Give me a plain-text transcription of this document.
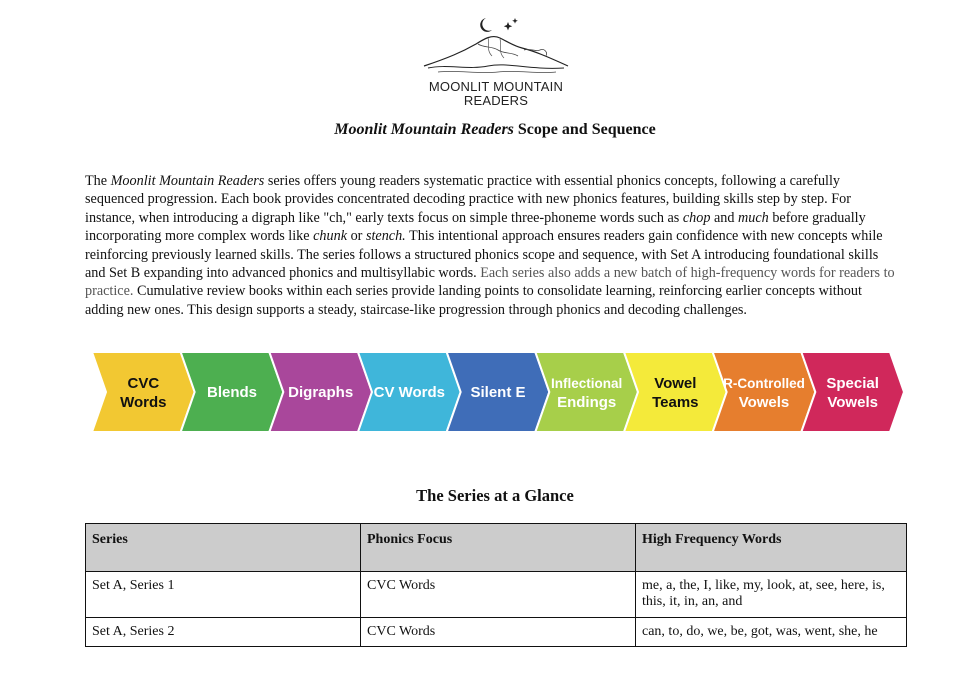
MOONLIT MOUNTAIN
READERS
Moonlit Mountain Readers Scope and Sequence

The Moonlit Mountain Readers series offers young readers systematic practice with essential phonics concepts, following a carefully sequenced progression. Each book provides concentrated decoding practice with new phonics features, building skills step by step. For instance, when introducing a digraph like "ch," early texts focus on simple three-phoneme words such as chop and much before gradually incorporating more complex words like chunk or stench. This intentional approach ensures readers gain confidence with new concepts while reinforcing previously learned skills. The series follows a structured phonics scope and sequence, with Set A introducing foundational skills and Set B expanding into advanced phonics and multisyllabic words. Each series also adds a new batch of high-frequency words for readers to practice. Cumulative review books within each series provide landing points to consolidate learning, reinforcing earlier concepts without adding new ones. This design supports a steady, staircase-like progression through phonics and decoding challenges.

CVC
Words
Blends Digraphs CV Words Silent E
Inflectional
Endings
Vowel
Teams
R-Controlled
Vowels
Special
Vowels
The Series at a Glance
Series	Phonics Focus	High Frequency Words
Set A, Series 1	CVC Words	me, a, the, I, like, my, look, at, see, here, is, this, it, in, an, and
Set A, Series 2	CVC Words	can, to, do, we, be, got, was, went, she, he
